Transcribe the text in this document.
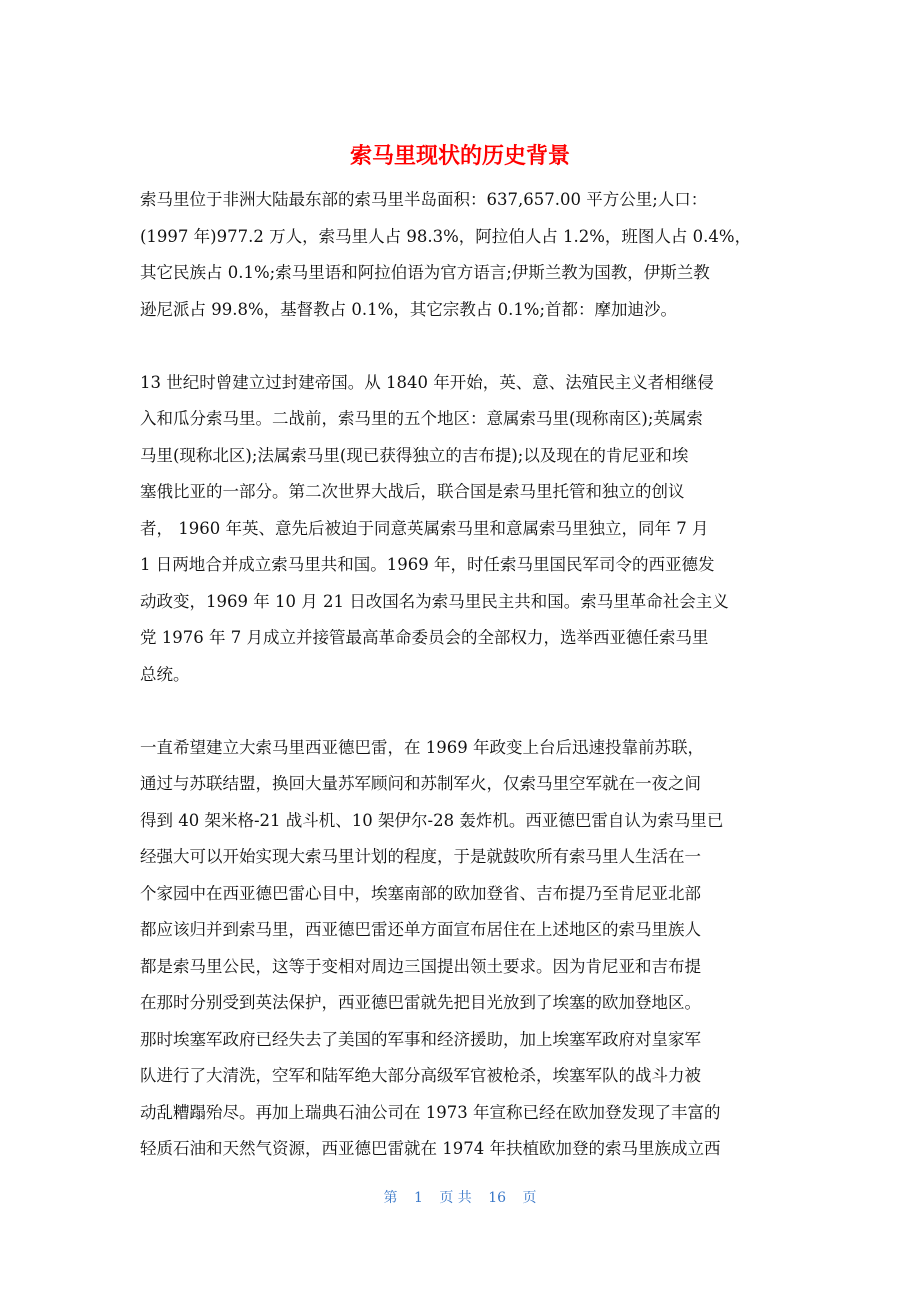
索马里现状的历史背景
索马里位于非洲大陆最东部的索马里半岛面积：637,657.00 平方公里;人口：
(1997 年)977.2 万人，索马里人占 98.3%，阿拉伯人占 1.2%，班图人占 0.4%，
其它民族占 0.1%;索马里语和阿拉伯语为官方语言;伊斯兰教为国教，伊斯兰教
逊尼派占 99.8%，基督教占 0.1%，其它宗教占 0.1%;首都：摩加迪沙。
13 世纪时曾建立过封建帝国。从 1840 年开始，英、意、法殖民主义者相继侵
入和瓜分索马里。二战前，索马里的五个地区：意属索马里(现称南区);英属索
马里(现称北区);法属索马里(现已获得独立的吉布提);以及现在的肯尼亚和埃
塞俄比亚的一部分。第二次世界大战后，联合国是索马里托管和独立的创议
者， 1960 年英、意先后被迫于同意英属索马里和意属索马里独立，同年 7 月
1 日两地合并成立索马里共和国。1969 年，时任索马里国民军司令的西亚德发
动政变，1969 年 10 月 21 日改国名为索马里民主共和国。索马里革命社会主义
党 1976 年 7 月成立并接管最高革命委员会的全部权力，选举西亚德任索马里
总统。
一直希望建立大索马里西亚德巴雷，在 1969 年政变上台后迅速投靠前苏联，
通过与苏联结盟，换回大量苏军顾问和苏制军火，仅索马里空军就在一夜之间
得到 40 架米格-21 战斗机、10 架伊尔-28 轰炸机。西亚德巴雷自认为索马里已
经强大可以开始实现大索马里计划的程度，于是就鼓吹所有索马里人生活在一
个家园中在西亚德巴雷心目中，埃塞南部的欧加登省、吉布提乃至肯尼亚北部
都应该归并到索马里，西亚德巴雷还单方面宣布居住在上述地区的索马里族人
都是索马里公民，这等于变相对周边三国提出领土要求。因为肯尼亚和吉布提
在那时分别受到英法保护，西亚德巴雷就先把目光放到了埃塞的欧加登地区。
那时埃塞军政府已经失去了美国的军事和经济援助，加上埃塞军政府对皇家军
队进行了大清洗，空军和陆军绝大部分高级军官被枪杀，埃塞军队的战斗力被
动乱糟蹋殆尽。再加上瑞典石油公司在 1973 年宣称已经在欧加登发现了丰富的
轻质石油和天然气资源，西亚德巴雷就在 1974 年扶植欧加登的索马里族成立西
第 1 页 共 16 页
